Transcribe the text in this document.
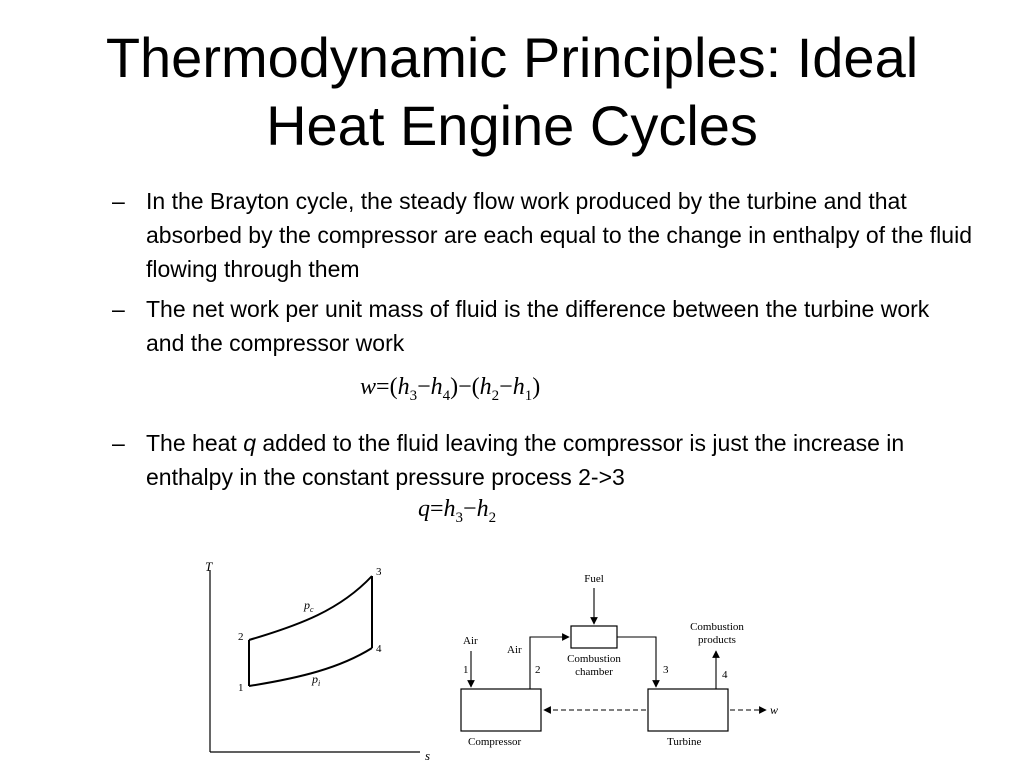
Thermodynamic Principles: Ideal
Heat Engine Cycles
– In the Brayton cycle, the steady flow work produced by the turbine and that absorbed by the compressor are each equal to the change in enthalpy of the fluid flowing through them
– The net work per unit mass of fluid is the difference between the turbine work and the compressor work
– The heat q added to the fluid leaving the compressor is just the increase in enthalpy in the constant pressure process 2->3
$w=(h_3-h_4)-(h_2-h_1)$
$q=h_3-h_2$
T
s
1
2
3
4
$p_c$
$p_i$
Compressor	Turbine
Combustion
chamber
Fuel
Air
1
Air
2	3
Combustion
products
4
w
